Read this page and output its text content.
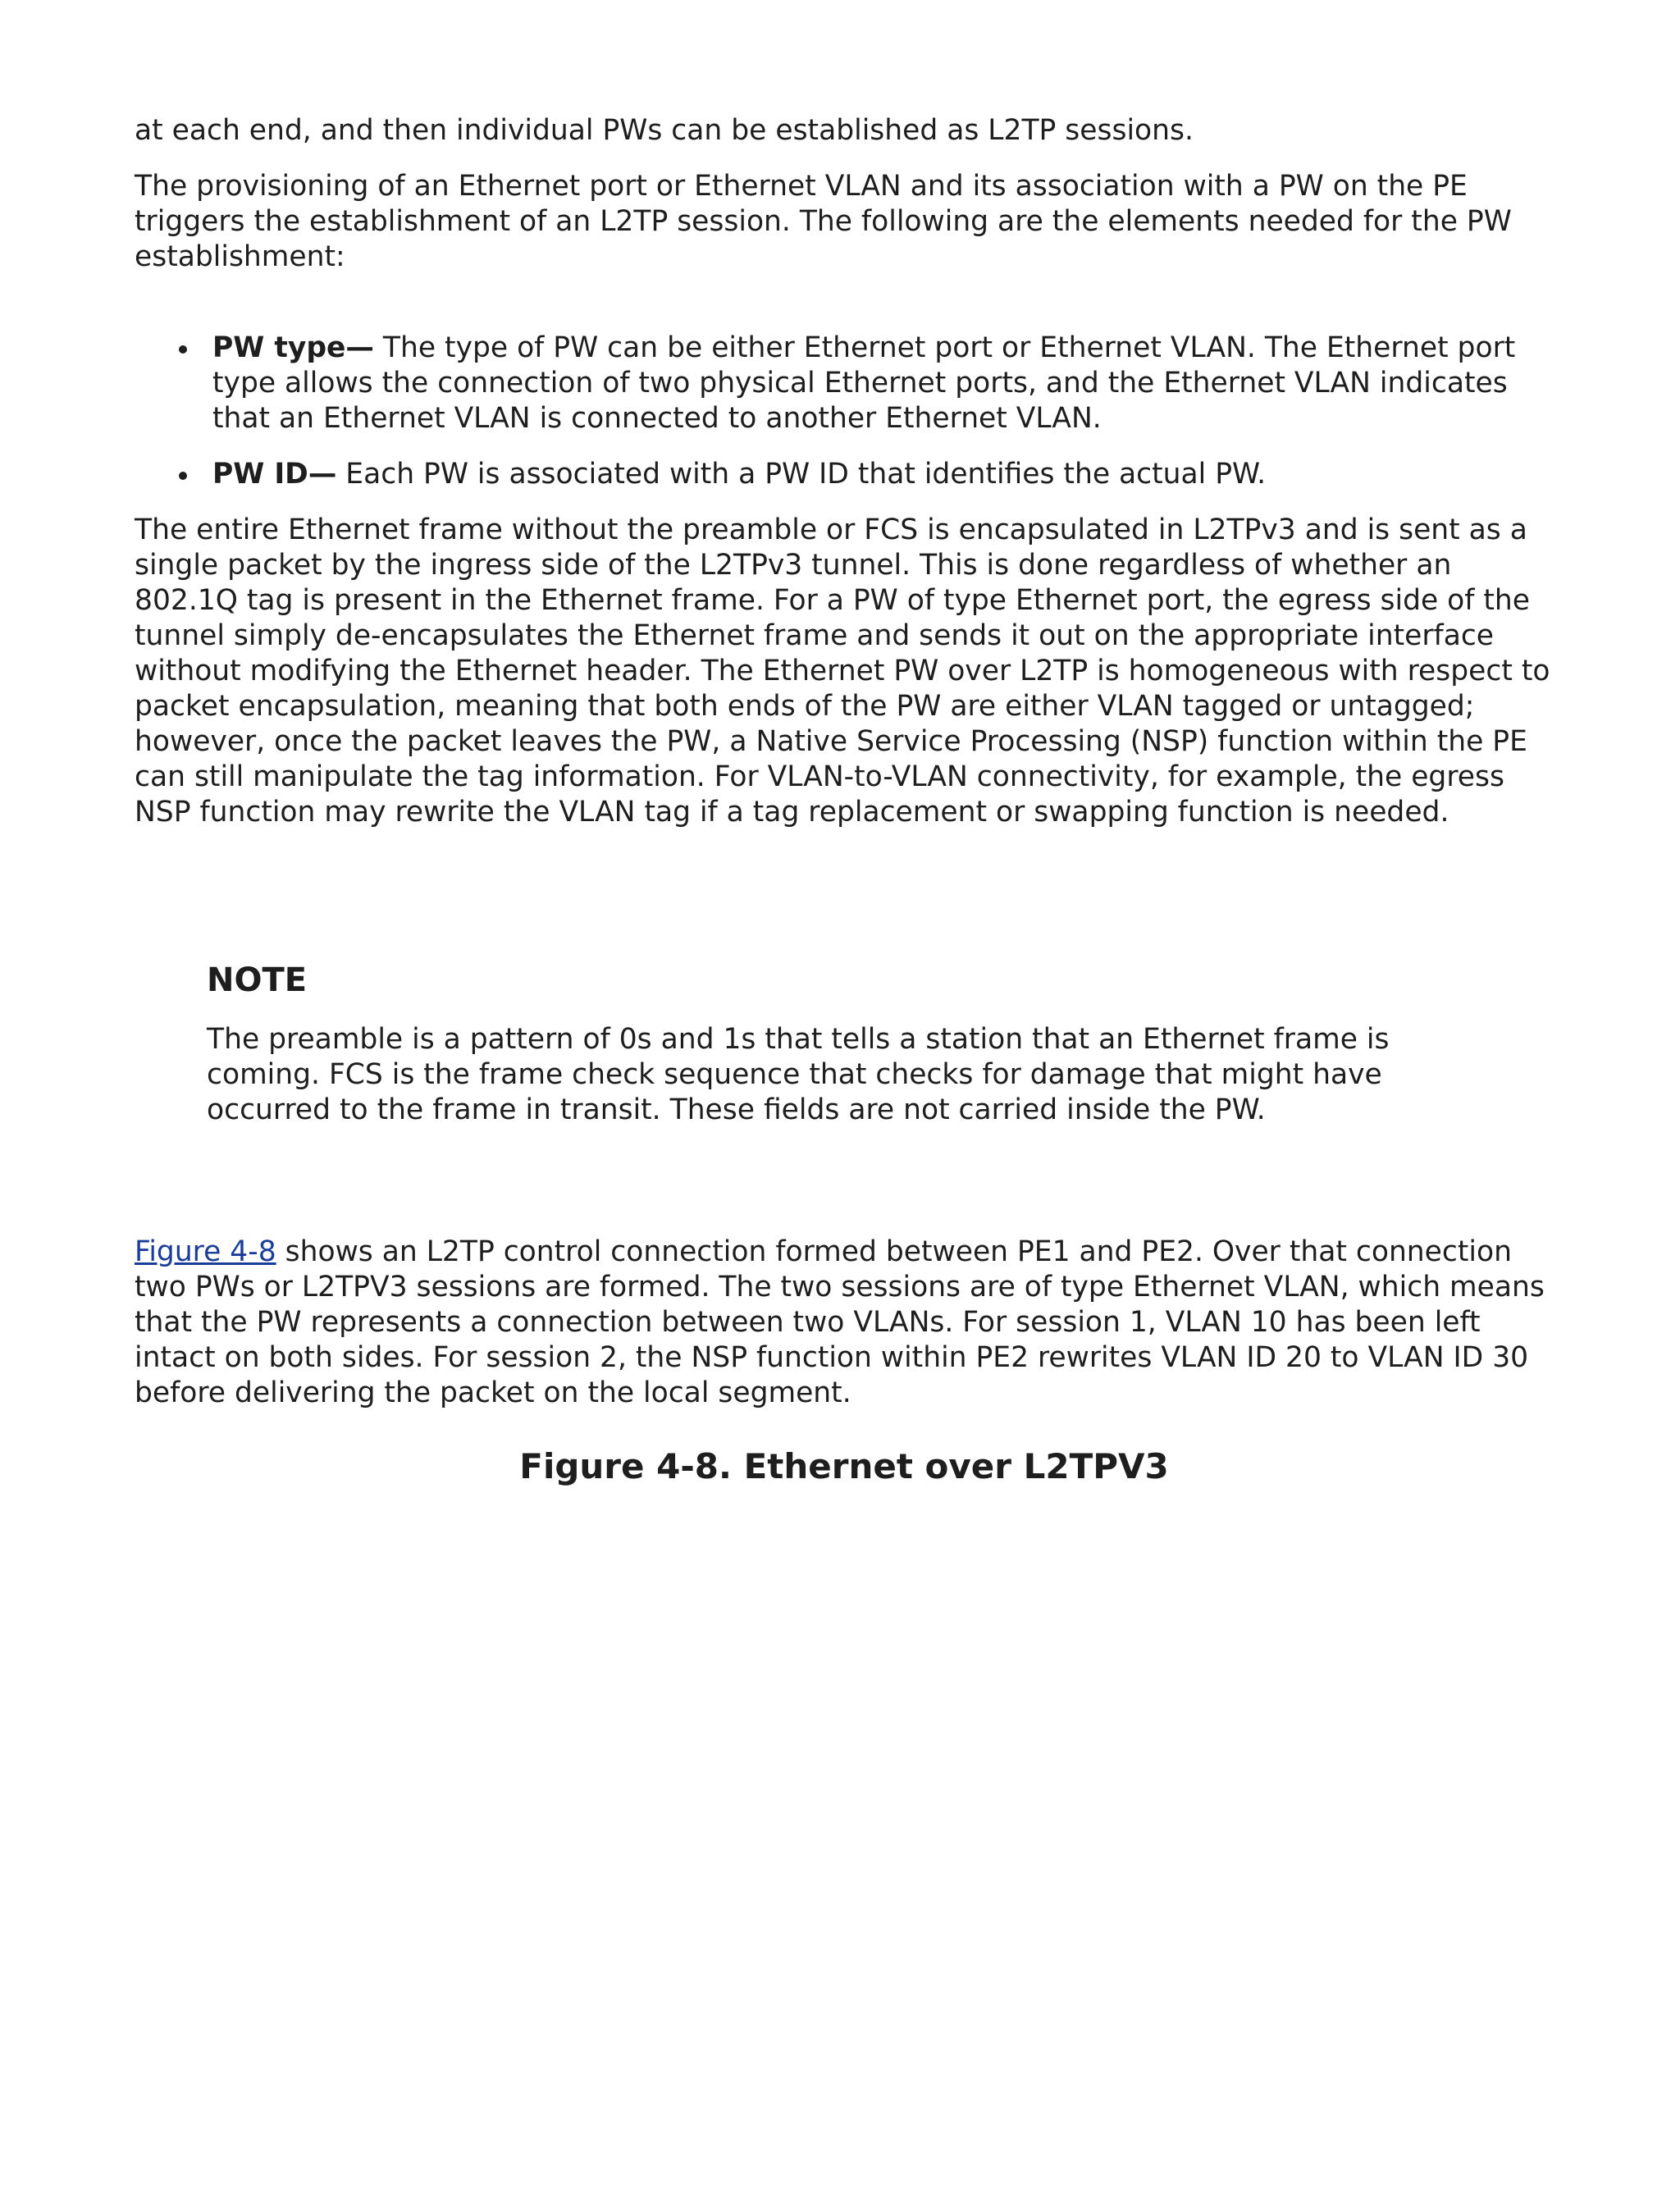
at each end, and then individual PWs can be established as L2TP sessions.

The provisioning of an Ethernet port or Ethernet VLAN and its association with a PW on the PE triggers the establishment of an L2TP session. The following are the elements needed for the PW establishment:

PW type— The type of PW can be either Ethernet port or Ethernet VLAN. The Ethernet port type allows the connection of two physical Ethernet ports, and the Ethernet VLAN indicates that an Ethernet VLAN is connected to another Ethernet VLAN.
PW ID— Each PW is associated with a PW ID that identifies the actual PW.

The entire Ethernet frame without the preamble or FCS is encapsulated in L2TPv3 and is sent as a single packet by the ingress side of the L2TPv3 tunnel. This is done regardless of whether an 802.1Q tag is present in the Ethernet frame. For a PW of type Ethernet port, the egress side of the tunnel simply de-encapsulates the Ethernet frame and sends it out on the appropriate interface without modifying the Ethernet header. The Ethernet PW over L2TP is homogeneous with respect to packet encapsulation, meaning that both ends of the PW are either VLAN tagged or untagged; however, once the packet leaves the PW, a Native Service Processing (NSP) function within the PE can still manipulate the tag information. For VLAN-to-VLAN connectivity, for example, the egress NSP function may rewrite the VLAN tag if a tag replacement or swapping function is needed.

NOTE

The preamble is a pattern of 0s and 1s that tells a station that an Ethernet frame is coming. FCS is the frame check sequence that checks for damage that might have occurred to the frame in transit. These fields are not carried inside the PW.

Figure 4-8 shows an L2TP control connection formed between PE1 and PE2. Over that connection two PWs or L2TPV3 sessions are formed. The two sessions are of type Ethernet VLAN, which means that the PW represents a connection between two VLANs. For session 1, VLAN 10 has been left intact on both sides. For session 2, the NSP function within PE2 rewrites VLAN ID 20 to VLAN ID 30 before delivering the packet on the local segment.

Figure 4-8. Ethernet over L2TPV3
